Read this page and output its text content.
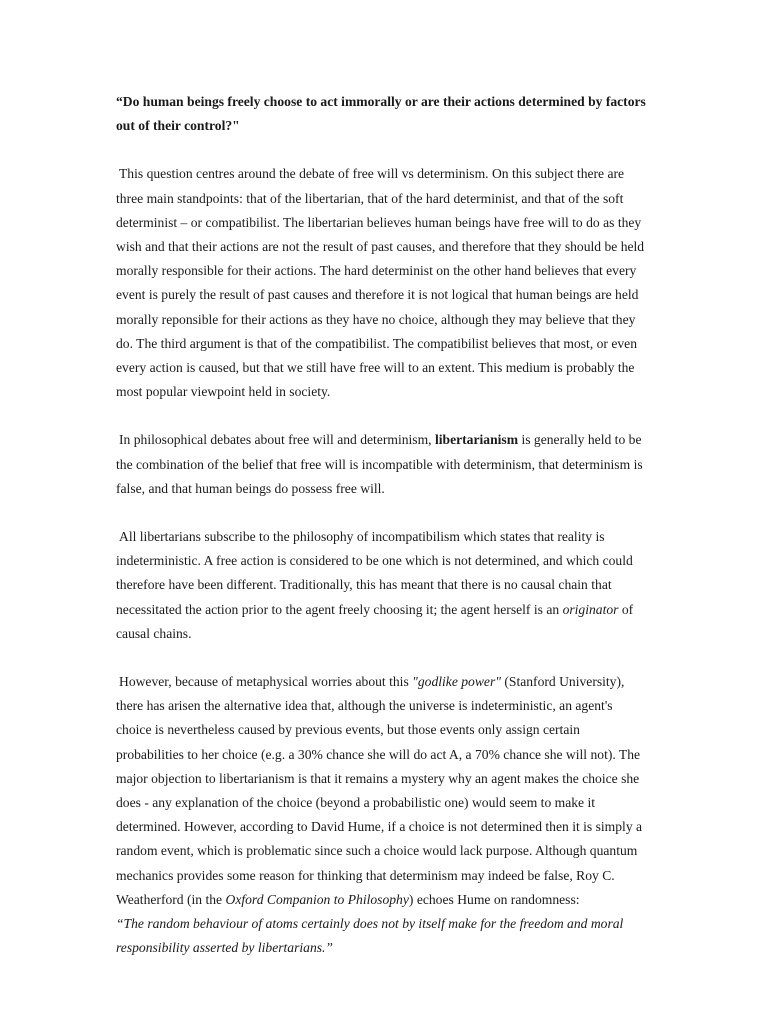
“Do human beings freely choose to act immorally or are their actions determined by factors out of their control?"

This question centres around the debate of free will vs determinism. On this subject there are three main standpoints: that of the libertarian, that of the hard determinist, and that of the soft determinist – or compatibilist. The libertarian believes human beings have free will to do as they wish and that their actions are not the result of past causes, and therefore that they should be held morally responsible for their actions. The hard determinist on the other hand believes that every event is purely the result of past causes and therefore it is not logical that human beings are held morally reponsible for their actions as they have no choice, although they may believe that they do. The third argument is that of the compatibilist. The compatibilist believes that most, or even every action is caused, but that we still have free will to an extent. This medium is probably the most popular viewpoint held in society.

In philosophical debates about free will and determinism, libertarianism is generally held to be the combination of the belief that free will is incompatible with determinism, that determinism is false, and that human beings do possess free will.

All libertarians subscribe to the philosophy of incompatibilism which states that reality is indeterministic. A free action is considered to be one which is not determined, and which could therefore have been different. Traditionally, this has meant that there is no causal chain that necessitated the action prior to the agent freely choosing it; the agent herself is an originator of causal chains.

However, because of metaphysical worries about this "godlike power" (Stanford University), there has arisen the alternative idea that, although the universe is indeterministic, an agent's choice is nevertheless caused by previous events, but those events only assign certain probabilities to her choice (e.g. a 30% chance she will do act A, a 70% chance she will not). The major objection to libertarianism is that it remains a mystery why an agent makes the choice she does - any explanation of the choice (beyond a probabilistic one) would seem to make it determined. However, according to David Hume, if a choice is not determined then it is simply a random event, which is problematic since such a choice would lack purpose. Although quantum mechanics provides some reason for thinking that determinism may indeed be false, Roy C. Weatherford (in the Oxford Companion to Philosophy) echoes Hume on randomness:

“The random behaviour of atoms certainly does not by itself make for the freedom and moral responsibility asserted by libertarians.”
